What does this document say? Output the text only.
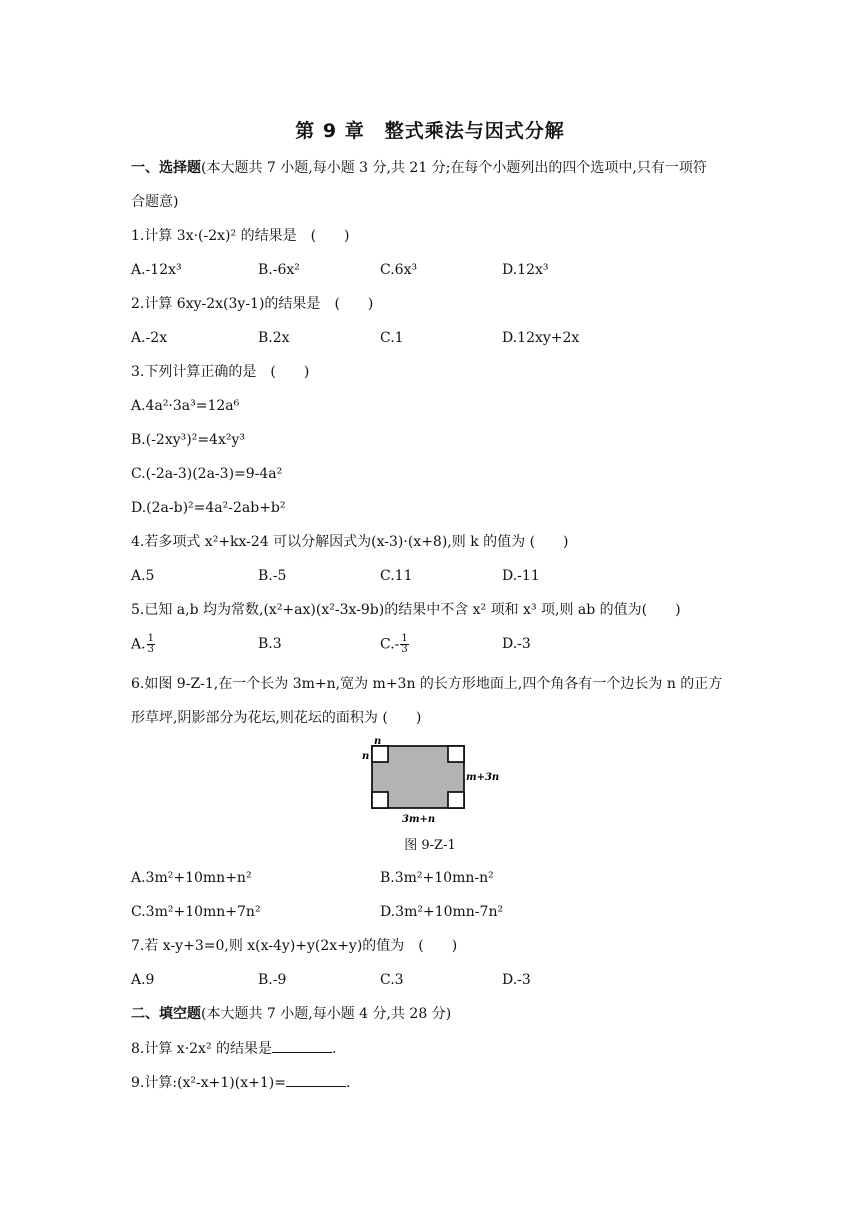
第 9 章　整式乘法与因式分解
一、选择题(本大题共 7 小题,每小题 3 分,共 21 分;在每个小题列出的四个选项中,只有一项符
合题意)
1.计算 3x·(-2x)² 的结果是　 (　　)
A.-12x³	B.-6x²	C.6x³	D.12x³
2.计算 6xy-2x(3y-1)的结果是　 (　　)
A.-2x	B.2x	C.1	D.12xy+2x
3.下列计算正确的是　 (　　)
A.4a²·3a³=12a⁶
B.(-2xy³)²=4x²y³
C.(-2a-3)(2a-3)=9-4a²
D.(2a-b)²=4a²-2ab+b²
4.若多项式 x²+kx-24 可以分解因式为(x-3)·(x+8),则 k 的值为 (　　)
A.5	B.-5	C.11	D.-11
5.已知 a,b 均为常数,(x²+ax)(x²-3x-9b)的结果中不含 x² 项和 x³ 项,则 ab 的值为(　　)
A. $\frac{1}{3}$	B.3	$C.- \frac{1}{3}$	D.-3
6.如图 9-Z-1,在一个长为 3m+n,宽为 m+3n 的长方形地面上,四个角各有一个边长为 n 的正方
形草坪,阴影部分为花坛,则花坛的面积为 (　　)
n
n
m+3n
3m+n
图 9-Z-1
A.3m²+10mn+n²	B.3m²+10mn-n²
C.3m²+10mn+7n²	D.3m²+10mn-7n²
7.若 x-y+3=0,则 x(x-4y)+y(2x+y)的值为　 (　　)
A.9	B.-9	C.3	D.-3
二、填空题(本大题共 7 小题,每小题 4 分,共 28 分)
8.计算 x·2x² 的结果是	.
9.计算:(x²-x+1)(x+1)=	.
